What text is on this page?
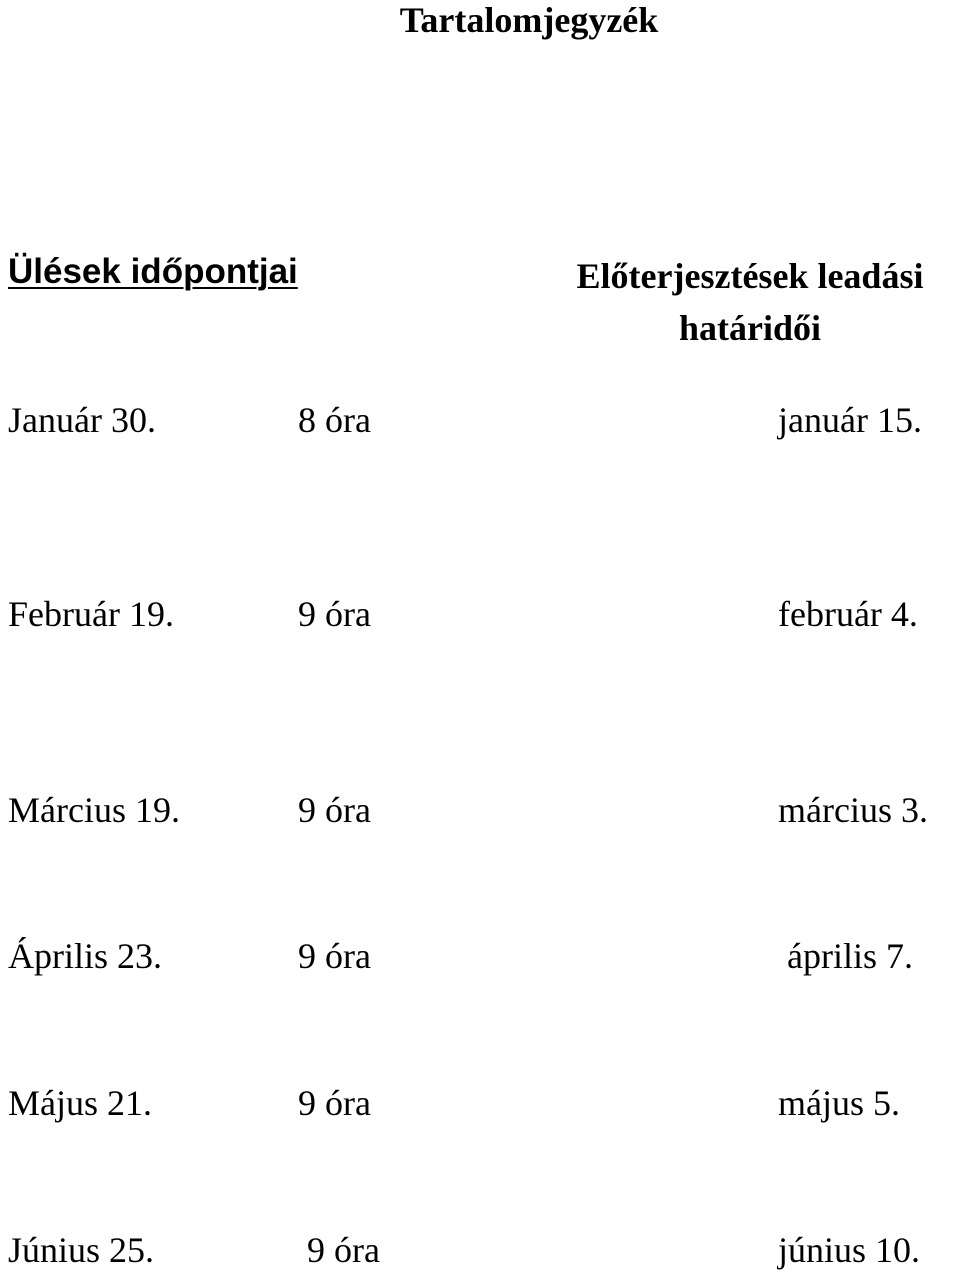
Tartalomjegyzék
Ülések időpontjai	Előterjesztések leadási
határidői
Január 30.	8 óra	január 15.
Február 19.	9 óra	február 4.
Március 19.	9 óra	március 3.
Április 23.	9 óra	április 7.
Május 21.	9 óra	május 5.
Június 25.	9 óra	június 10.
